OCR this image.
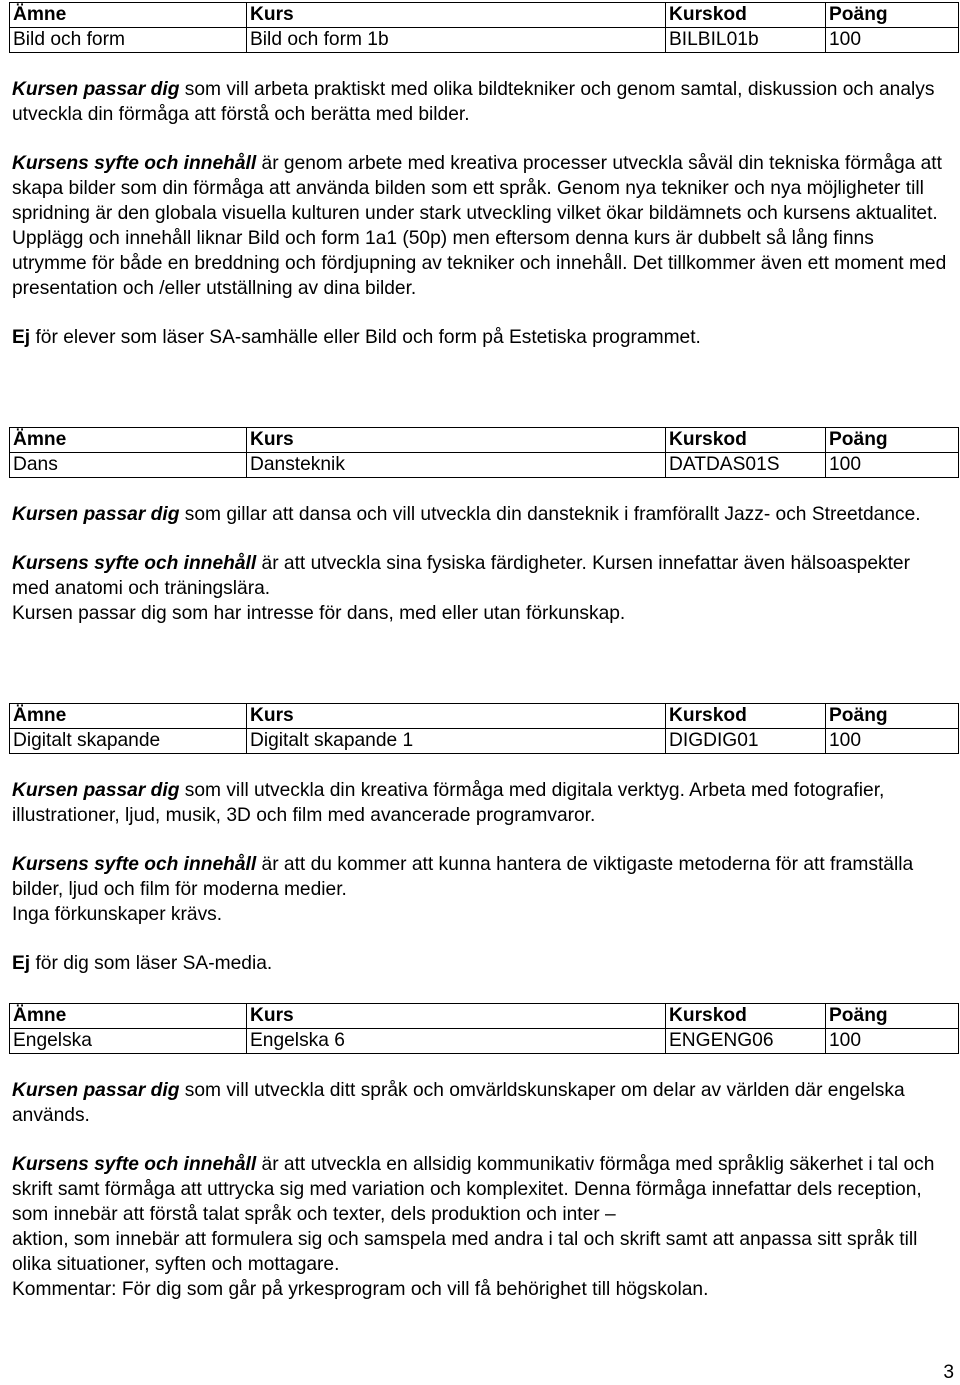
Ämne	Kurs	Kurskod	Poäng
Bild och form	Bild och form 1b	BILBIL01b	100

Kursen passar dig som vill arbeta praktiskt med olika bildtekniker och genom samtal, diskussion och analys utveckla din förmåga att förstå och berätta med bilder.

Kursens syfte och innehåll är genom arbete med kreativa processer utveckla såväl din tekniska förmåga att skapa bilder som din förmåga att använda bilden som ett språk. Genom nya tekniker och nya möjligheter till spridning är den globala visuella kulturen under stark utveckling vilket ökar bildämnets och kursens aktualitet.

Upplägg och innehåll liknar Bild och form 1a1 (50p) men eftersom denna kurs är dubbelt så lång finns utrymme för både en breddning och fördjupning av tekniker och innehåll. Det tillkommer även ett moment med presentation och /eller utställning av dina bilder.

Ej för elever som läser SA-samhälle eller Bild och form på Estetiska programmet.

Ämne	Kurs	Kurskod	Poäng
Dans	Dansteknik	DATDAS01S	100

Kursen passar dig som gillar att dansa och vill utveckla din dansteknik i framförallt Jazz- och Streetdance.

Kursens syfte och innehåll är att utveckla sina fysiska färdigheter. Kursen innefattar även hälsoaspekter med anatomi och träningslära.

Kursen passar dig som har intresse för dans, med eller utan förkunskap.

Ämne	Kurs	Kurskod	Poäng
Digitalt skapande	Digitalt skapande 1	DIGDIG01	100

Kursen passar dig som vill utveckla din kreativa förmåga med digitala verktyg. Arbeta med fotografier, illustrationer, ljud, musik, 3D och film med avancerade programvaror.

Kursens syfte och innehåll är att du kommer att kunna hantera de viktigaste metoderna för att framställa bilder, ljud och film för moderna medier.

Inga förkunskaper krävs.

Ej för dig som läser SA-media.

Ämne	Kurs	Kurskod	Poäng
Engelska	Engelska 6	ENGENG06	100

Kursen passar dig som vill utveckla ditt språk och omvärldskunskaper om delar av världen där engelska används.

Kursens syfte och innehåll är att utveckla en allsidig kommunikativ förmåga med språklig säkerhet i tal och skrift samt förmåga att uttrycka sig med variation och komplexitet. Denna förmåga innefattar dels reception, som innebär att förstå talat språk och texter, dels produktion och inter –

aktion, som innebär att formulera sig och samspela med andra i tal och skrift samt att anpassa sitt språk till olika situationer, syften och mottagare.

Kommentar: För dig som går på yrkesprogram och vill få behörighet till högskolan.

3
